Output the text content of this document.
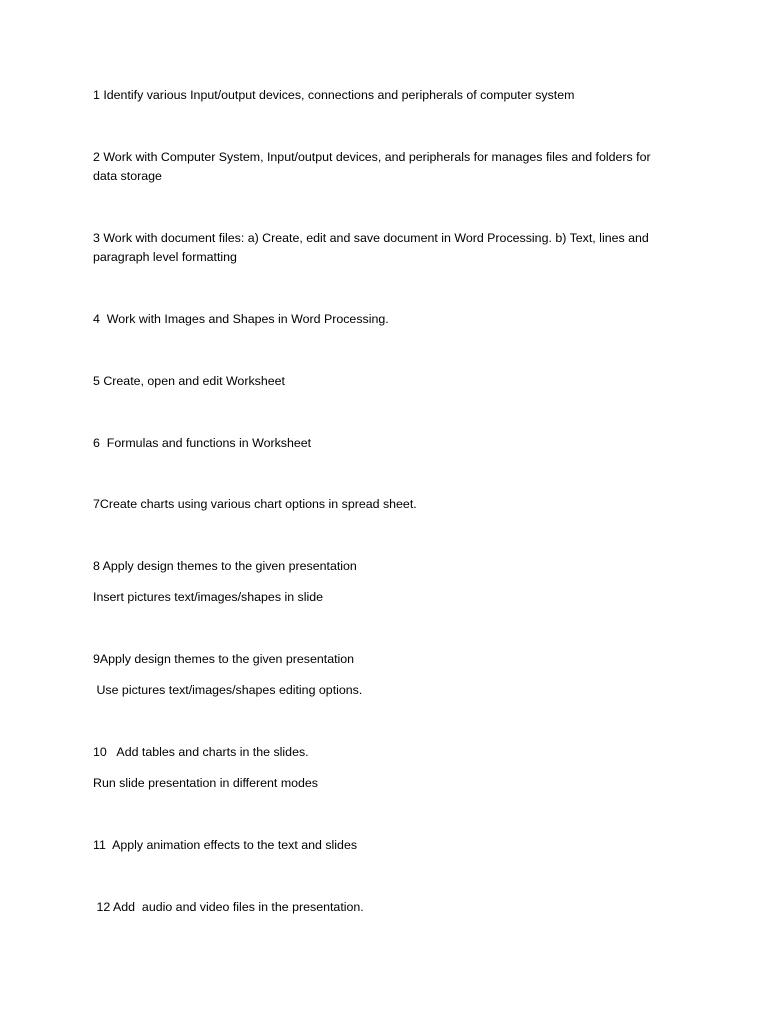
1 Identify various Input/output devices, connections and peripherals of computer system

2 Work with Computer System, Input/output devices, and peripherals for manages files and folders for data storage

3 Work with document files: a) Create, edit and save document in Word Processing. b) Text, lines and paragraph level formatting

4  Work with Images and Shapes in Word Processing.

5 Create, open and edit Worksheet

6  Formulas and functions in Worksheet

7Create charts using various chart options in spread sheet.

8 Apply design themes to the given presentation

Insert pictures text/images/shapes in slide

9Apply design themes to the given presentation

Use pictures text/images/shapes editing options.

10   Add tables and charts in the slides.

Run slide presentation in different modes

11  Apply animation effects to the text and slides

12 Add  audio and video files in the presentation.
